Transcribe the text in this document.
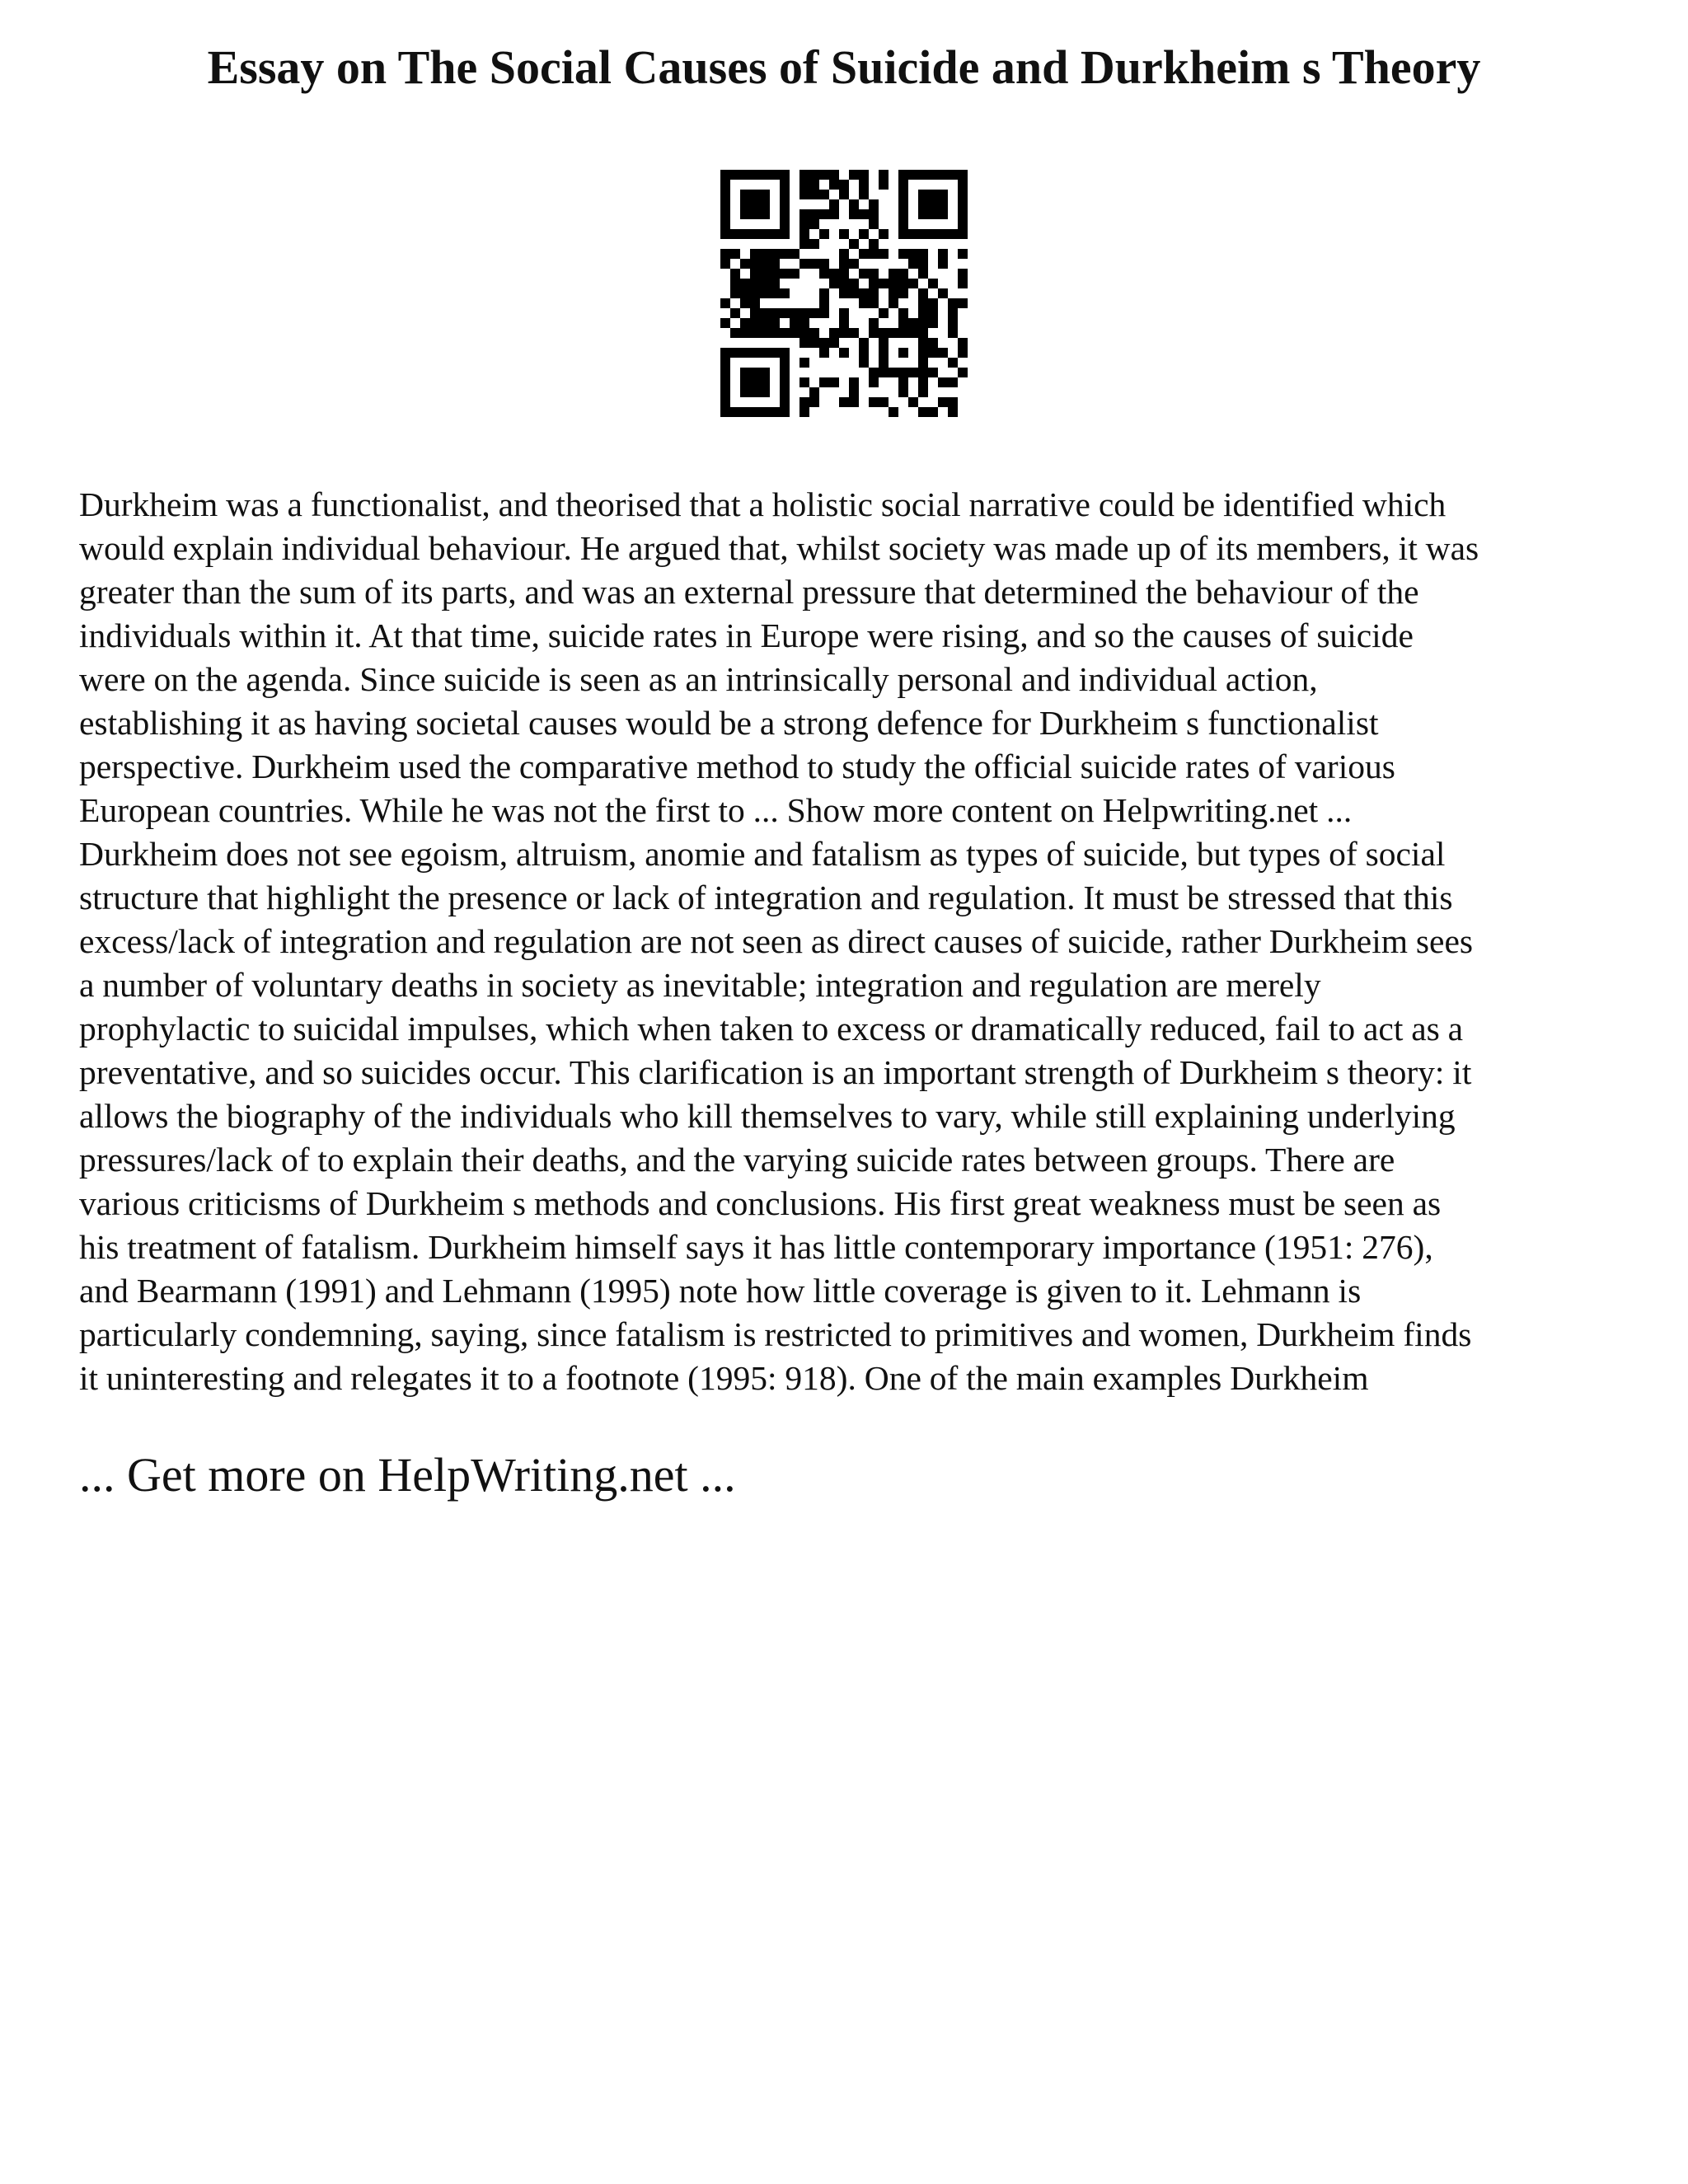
Essay on The Social Causes of Suicide and Durkheim s Theory

Durkheim was a functionalist, and theorised that a holistic social narrative could be identified which
would explain individual behaviour. He argued that, whilst society was made up of its members, it was
greater than the sum of its parts, and was an external pressure that determined the behaviour of the
individuals within it. At that time, suicide rates in Europe were rising, and so the causes of suicide
were on the agenda. Since suicide is seen as an intrinsically personal and individual action,
establishing it as having societal causes would be a strong defence for Durkheim s functionalist
perspective. Durkheim used the comparative method to study the official suicide rates of various
European countries. While he was not the first to ... Show more content on Helpwriting.net ...
Durkheim does not see egoism, altruism, anomie and fatalism as types of suicide, but types of social
structure that highlight the presence or lack of integration and regulation. It must be stressed that this
excess/lack of integration and regulation are not seen as direct causes of suicide, rather Durkheim sees
a number of voluntary deaths in society as inevitable; integration and regulation are merely
prophylactic to suicidal impulses, which when taken to excess or dramatically reduced, fail to act as a
preventative, and so suicides occur. This clarification is an important strength of Durkheim s theory: it
allows the biography of the individuals who kill themselves to vary, while still explaining underlying
pressures/lack of to explain their deaths, and the varying suicide rates between groups. There are
various criticisms of Durkheim s methods and conclusions. His first great weakness must be seen as
his treatment of fatalism. Durkheim himself says it has little contemporary importance (1951: 276),
and Bearmann (1991) and Lehmann (1995) note how little coverage is given to it. Lehmann is
particularly condemning, saying, since fatalism is restricted to primitives and women, Durkheim finds
it uninteresting and relegates it to a footnote (1995: 918). One of the main examples Durkheim

... Get more on HelpWriting.net ...
